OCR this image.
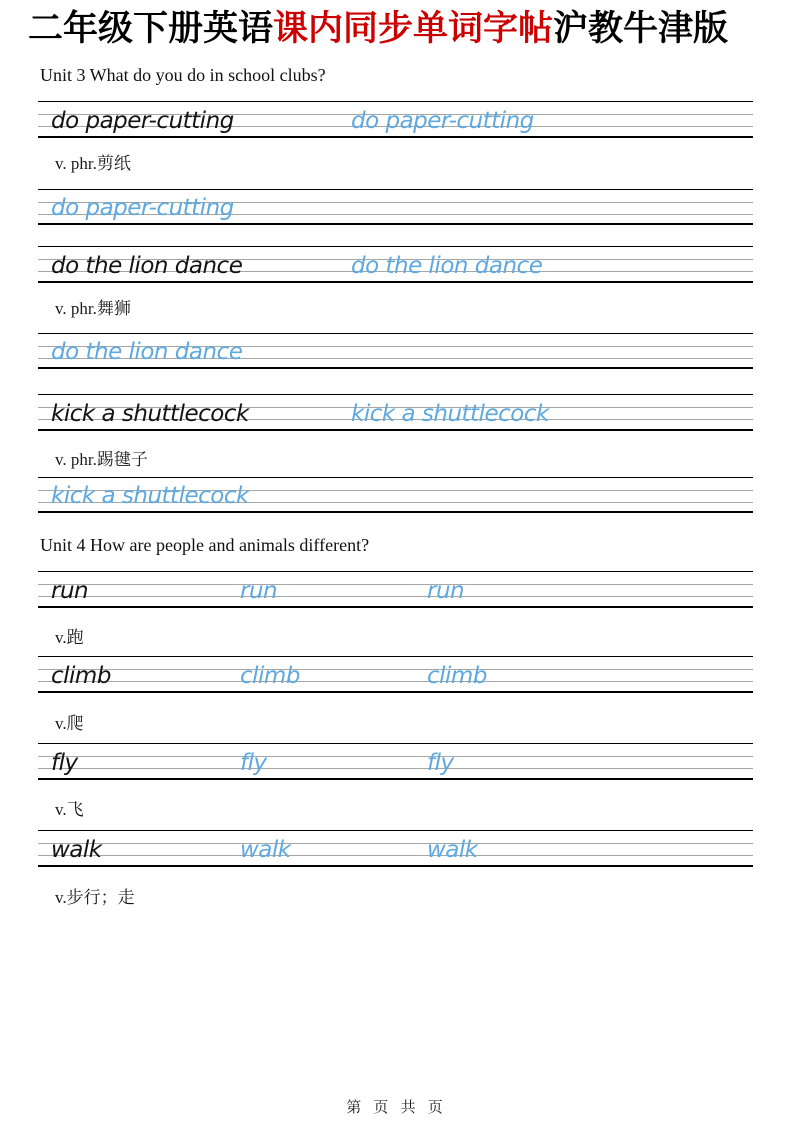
二年级下册英语课内同步单词字帖沪教牛津版
Unit 3 What do you do in school clubs?
do paper-cutting	do paper-cutting
v. phr.剪纸
do paper-cutting
do the lion dance	do the lion dance
v. phr.舞狮
do the lion dance
kick a shuttlecock	kick a shuttlecock
v. phr.踢毽子
kick a shuttlecock
Unit 4 How are people and animals different?
run	run	run
v.跑
climb	climb	climb
v.爬
fly	fly	fly
v.飞
walk	walk	walk
v.步行；走
第 页 共 页
